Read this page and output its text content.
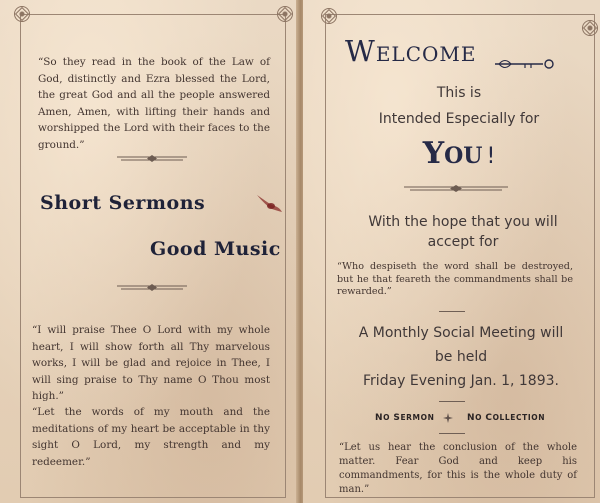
“So they read in the book of the Law of God, distinctly and Ezra blessed the Lord, the great God and all the people answered Amen, Amen, with lifting their hands and worshipped the Lord with their faces to the ground.”
Short Sermons
Good Music
“I will praise Thee O Lord with my whole heart, I will show forth all Thy marvelous works, I will be glad and rejoice in Thee, I will sing praise to Thy name O Thou most high.”
“Let the words of my mouth and the meditations of my heart be acceptable in thy sight O Lord, my strength and my redeemer.”
WELCOME
This is
Intended Especially for
YOU !
With the hope that you will
accept for
“Who despiseth the word shall be destroyed, but he that feareth the commandments shall be rewarded.”
A Monthly Social Meeting will
be held
Friday Evening Jan. 1, 1893.
NO SERMON	NO COLLECTION
“Let us hear the conclusion of the whole matter. Fear God and keep his commandments, for this is the whole duty of man.”
